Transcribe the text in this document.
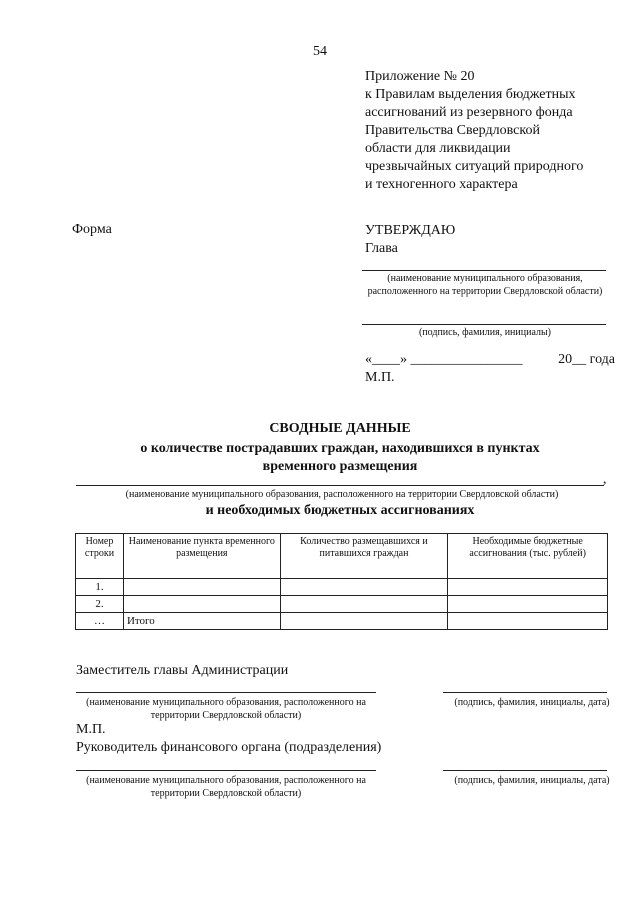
54
Приложение № 20
к Правилам выделения бюджетных
ассигнований из резервного фонда
Правительства Свердловской
области для ликвидации
чрезвычайных ситуаций природного
и техногенного характера
Форма	УТВЕРЖДАЮ
Глава
(наименование муниципального образования, расположенного на территории Свердловской области)
(подпись, фамилия, инициалы)
«____» ________________	20__ года
М.П.
СВОДНЫЕ ДАННЫЕ
о количестве пострадавших граждан, находившихся в пунктах
временного размещения
,
(наименование муниципального образования, расположенного на территории Свердловской области)
и необходимых бюджетных ассигнованиях
Номер строки	Наименование пункта временного размещения	Количество размещавшихся и питавшихся граждан	Необходимые бюджетные ассигнования (тыс. рублей)
1.			
2.			
…	Итого		
Заместитель главы Администрации
(наименование муниципального образования, расположенного на территории Свердловской области)
(подпись, фамилия, инициалы, дата)
М.П.
Руководитель финансового органа (подразделения)
(наименование муниципального образования, расположенного на территории Свердловской области)
(подпись, фамилия, инициалы, дата)
